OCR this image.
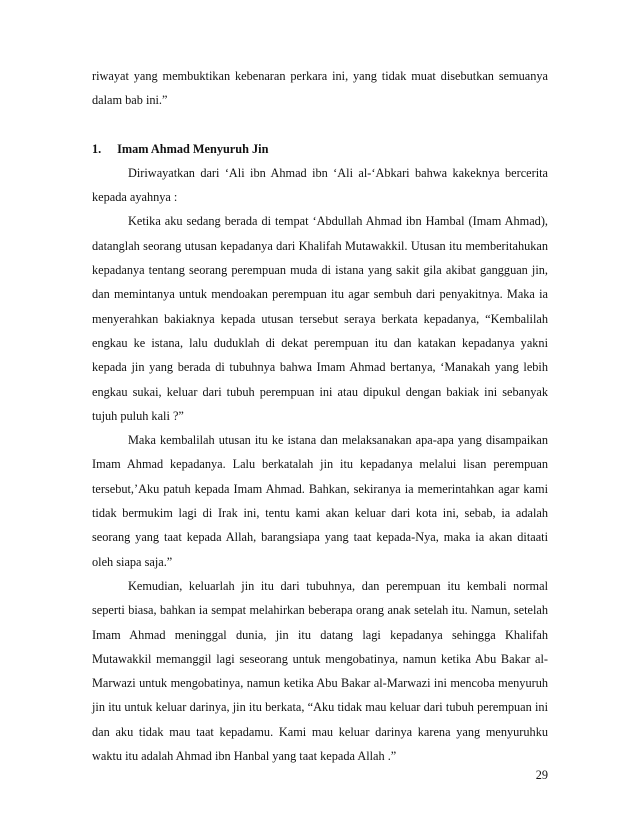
riwayat yang membuktikan kebenaran perkara ini, yang tidak muat disebutkan semuanya dalam bab ini.”

1. Imam Ahmad Menyuruh Jin

Diriwayatkan dari ‘Ali ibn Ahmad ibn ‘Ali al-‘Abkari bahwa kakeknya bercerita kepada ayahnya :

Ketika aku sedang berada di tempat ‘Abdullah Ahmad ibn Hambal (Imam Ahmad), datanglah seorang utusan kepadanya dari Khalifah Mutawakkil. Utusan itu memberitahukan kepadanya tentang seorang perempuan muda di istana yang sakit gila akibat gangguan jin, dan memintanya untuk mendoakan perempuan itu agar sembuh dari penyakitnya. Maka ia menyerahkan bakiaknya kepada utusan tersebut seraya berkata kepadanya, “Kembalilah engkau ke istana, lalu duduklah di dekat perempuan itu dan katakan kepadanya yakni kepada jin yang berada di tubuhnya bahwa Imam Ahmad bertanya, ‘Manakah yang lebih engkau sukai, keluar dari tubuh perempuan ini atau dipukul dengan bakiak ini sebanyak tujuh puluh kali ?”

Maka kembalilah utusan itu ke istana dan melaksanakan apa-apa yang disampaikan Imam Ahmad kepadanya. Lalu berkatalah jin itu kepadanya melalui lisan perempuan tersebut,’Aku patuh kepada Imam Ahmad. Bahkan, sekiranya ia memerintahkan agar kami tidak bermukim lagi di Irak ini, tentu kami akan keluar dari kota ini, sebab, ia adalah seorang yang taat kepada Allah, barangsiapa yang taat kepada-Nya, maka ia akan ditaati oleh siapa saja.”

Kemudian, keluarlah jin itu dari tubuhnya, dan perempuan itu kembali normal seperti biasa, bahkan ia sempat melahirkan beberapa orang anak setelah itu. Namun, setelah Imam Ahmad meninggal dunia, jin itu datang lagi kepadanya sehingga Khalifah Mutawakkil memanggil lagi seseorang untuk mengobatinya, namun ketika Abu Bakar al-Marwazi untuk mengobatinya, namun ketika Abu Bakar al-Marwazi ini mencoba menyuruh jin itu untuk keluar darinya, jin itu berkata, “Aku tidak mau keluar dari tubuh perempuan ini dan aku tidak mau taat kepadamu. Kami mau keluar darinya karena yang menyuruhku waktu itu adalah Ahmad ibn Hanbal yang taat kepada Allah .”

29
